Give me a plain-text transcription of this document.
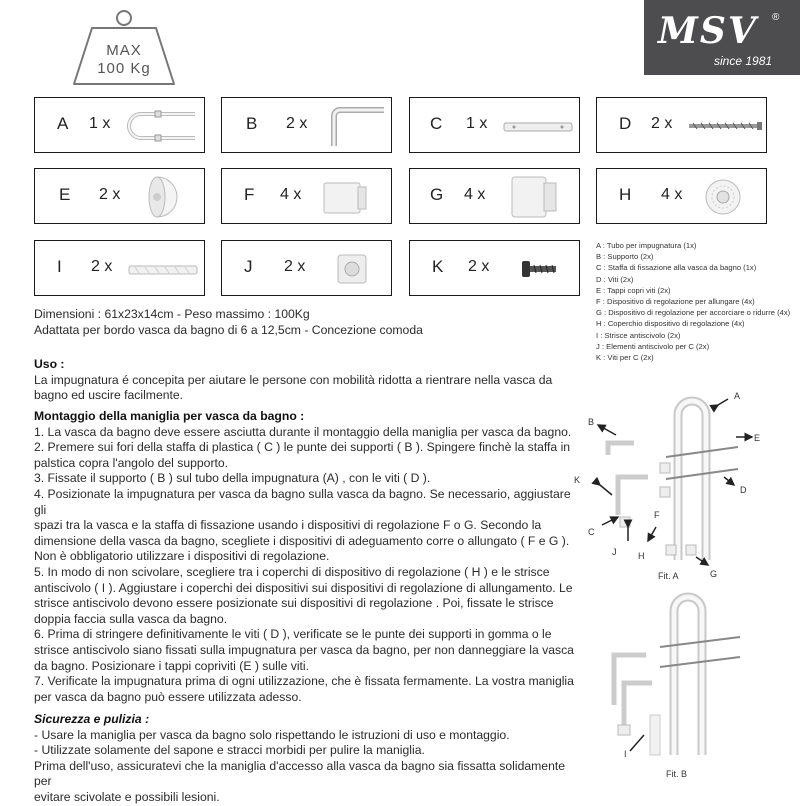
MAX
100 Kg
MSV ®
since 1981
A 1 x	B 2 x	C 1 x	D 2 x
E 2 x	F 4 x	G 4 x	H 4 x
I 2 x	J 2 x	K 2 x
A : Tubo per impugnatura (1x)
B : Supporto (2x)
C : Staffa di fissazione alla vasca da bagno (1x)
D : Viti (2x)
E : Tappi copri viti (2x)
F : Dispositivo di regolazione per allungare (4x)
G : Dispositivo di regolazione per accorciare o ridurre (4x)
H : Coperchio dispositivo di regolazione (4x)
I : Strisce antiscivolo (2x)
J : Elementi antiscivolo per C (2x)
K : Viti per C (2x)
Dimensioni : 61x23x14cm - Peso massimo : 100Kg
Adattata per bordo vasca da bagno di 6 a 12,5cm - Concezione comoda
Uso :
La impugnatura é concepita per aiutare le persone con mobilità ridotta a rientrare nella vasca da
bagno ed uscire facilmente.
Montaggio della maniglia per vasca da bagno :
1. La vasca da bagno deve essere asciutta durante il montaggio della maniglia per vasca da bagno.
2. Premere sui fori della staffa di plastica ( C ) le punte dei supporti ( B ). Spingere finchè la staffa in
palstica copra l'angolo del supporto.
3. Fissate il supporto ( B ) sul tubo della impugnatura (A) , con le viti ( D ).
4. Posizionate la impugnatura per vasca da bagno sulla vasca da bagno. Se necessario, aggiustare gli
spazi tra la vasca e la staffa di fissazione usando i dispositivi di regolazione F o G. Secondo la
dimensione della vasca da bagno, scegliete i dispositivi di adeguamento corre o allungato ( F e G ).
Non è obbligatorio utilizzare i dispositivi di regolazione.
5. In modo di non scivolare, scegliere tra i coperchi di dispositivo di regolazione ( H ) e le strisce
antiscivolo ( I ). Aggiustare i coperchi dei dispositivi sui dispositivi di regolazione di allungamento. Le
strisce antiscivolo devono essere posizionate sui dispositivi di regolazione . Poi, fissate le strisce
doppia faccia sulla vasca da bagno.
6. Prima di stringere definitivamente le viti ( D ), verificate se le punte dei supporti in gomma o le
strisce antiscivolo siano fissati sulla impugnatura per vasca da bagno, per non danneggiare la vasca
da bagno. Posizionare i tappi copriviti (E ) sulle viti.
7. Verificate la impugnatura prima di ogni utilizzazione, che è fissata fermamente. La vostra maniglia
per vasca da bagno può essere utilizzata adesso.
Sicurezza e pulizia :
- Usare la maniglia per vasca da bagno solo rispettando le istruzioni di uso e montaggio.
- Utilizzate solamente del sapone e stracci morbidi per pulire la maniglia.
Prima dell'uso, assicuratevi che la maniglia d'accesso alla vasca da bagno sia fissatta solidamente per
evitare scivolate e possibili lesioni.
A
B
E
K
D
C
F
J H
G
Fit. A
I
Fit. B
